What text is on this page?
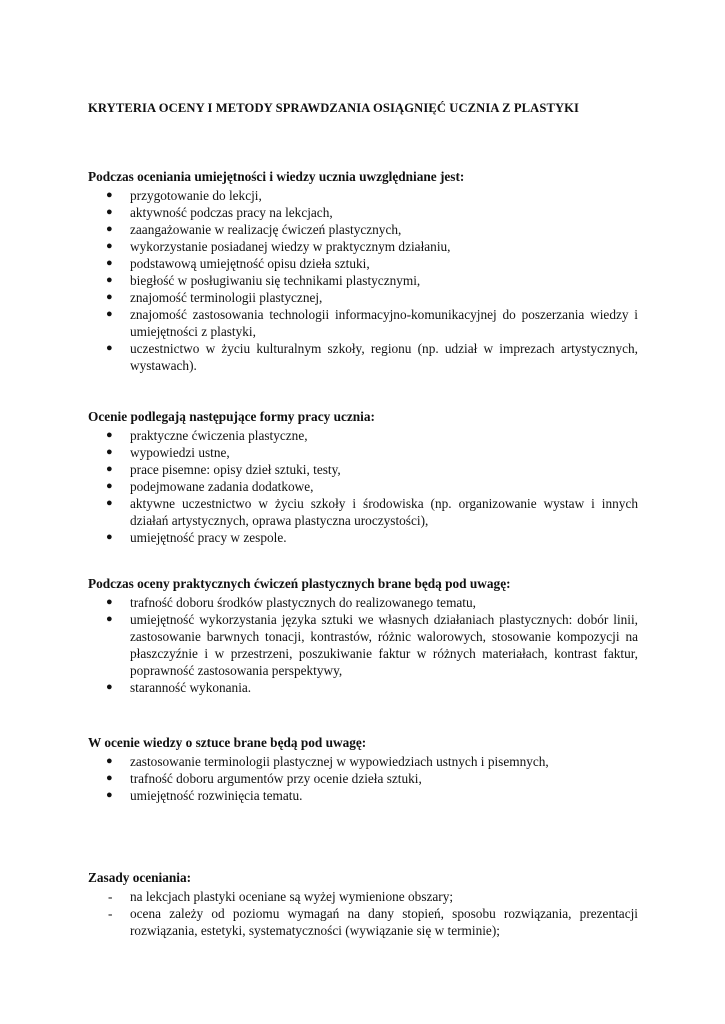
KRYTERIA OCENY I METODY SPRAWDZANIA OSIĄGNIĘĆ UCZNIA Z PLASTYKI
Podczas oceniania umiejętności i wiedzy ucznia uwzględniane jest:
● przygotowanie do lekcji,
● aktywność podczas pracy na lekcjach,
● zaangażowanie w realizację ćwiczeń plastycznych,
● wykorzystanie posiadanej wiedzy w praktycznym działaniu,
● podstawową umiejętność opisu dzieła sztuki,
● biegłość w posługiwaniu się technikami plastycznymi,
● znajomość terminologii plastycznej,
● znajomość zastosowania technologii informacyjno-komunikacyjnej do poszerzania wiedzy i umiejętności z plastyki,
● uczestnictwo w życiu kulturalnym szkoły, regionu (np. udział w imprezach artystycznych, wystawach).
Ocenie podlegają następujące formy pracy ucznia:
● praktyczne ćwiczenia plastyczne,
● wypowiedzi ustne,
● prace pisemne: opisy dzieł sztuki, testy,
● podejmowane zadania dodatkowe,
● aktywne uczestnictwo w życiu szkoły i środowiska (np. organizowanie wystaw i innych działań artystycznych, oprawa plastyczna uroczystości),
● umiejętność pracy w zespole.
Podczas oceny praktycznych ćwiczeń plastycznych brane będą pod uwagę:
● trafność doboru środków plastycznych do realizowanego tematu,
● umiejętność wykorzystania języka sztuki we własnych działaniach plastycznych: dobór linii, zastosowanie barwnych tonacji, kontrastów, różnic walorowych, stosowanie kompozycji na płaszczyźnie i w przestrzeni, poszukiwanie faktur w różnych materiałach, kontrast faktur, poprawność zastosowania perspektywy,
● staranność wykonania.
W ocenie wiedzy o sztuce brane będą pod uwagę:
● zastosowanie terminologii plastycznej w wypowiedziach ustnych i pisemnych,
● trafność doboru argumentów przy ocenie dzieła sztuki,
● umiejętność rozwinięcia tematu.
Zasady oceniania:
- na lekcjach plastyki oceniane są wyżej wymienione obszary;
- ocena zależy od poziomu wymagań na dany stopień, sposobu rozwiązania, prezentacji rozwiązania, estetyki, systematyczności (wywiązanie się w terminie);
